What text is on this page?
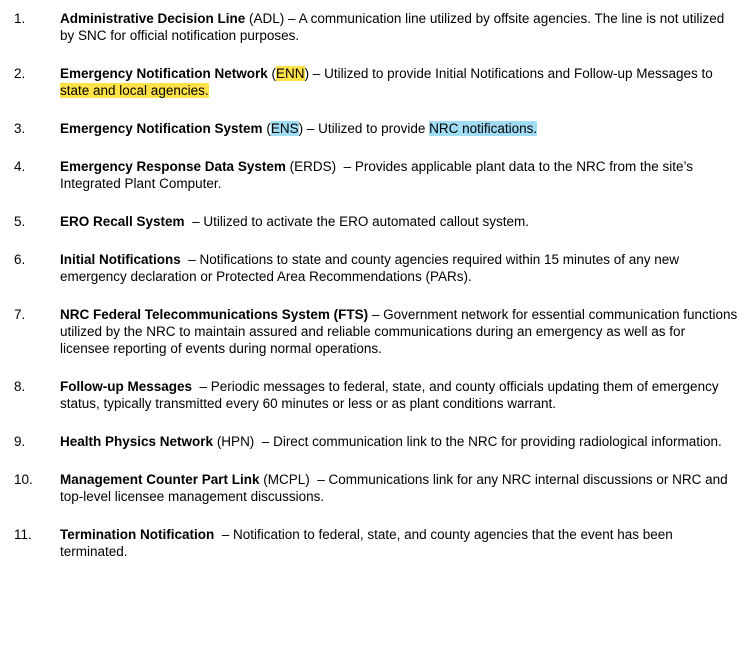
1.	Administrative Decision Line (ADL) – A communication line utilized by offsite agencies. The line is not utilized by SNC for official notification purposes.
2.	Emergency Notification Network (ENN) – Utilized to provide Initial Notifications and Follow-up Messages to state and local agencies.
3.	Emergency Notification System (ENS) – Utilized to provide NRC notifications.
4.	Emergency Response Data System (ERDS)  – Provides applicable plant data to the NRC from the site’s Integrated Plant Computer.
5.	ERO Recall System  – Utilized to activate the ERO automated callout system.
6.	Initial Notifications  – Notifications to state and county agencies required within 15 minutes of any new emergency declaration or Protected Area Recommendations (PARs).
7.	NRC Federal Telecommunications System (FTS) – Government network for essential communication functions utilized by the NRC to maintain assured and reliable communications during an emergency as well as for licensee reporting of events during normal operations.
8.	Follow-up Messages  – Periodic messages to federal, state, and county officials updating them of emergency status, typically transmitted every 60 minutes or less or as plant conditions warrant.
9.	Health Physics Network (HPN)  – Direct communication link to the NRC for providing radiological information.
10. Management Counter Part Link (MCPL)  – Communications link for any NRC internal discussions or NRC and top-level licensee management discussions.
11. Termination Notification  – Notification to federal, state, and county agencies that the event has been terminated.
